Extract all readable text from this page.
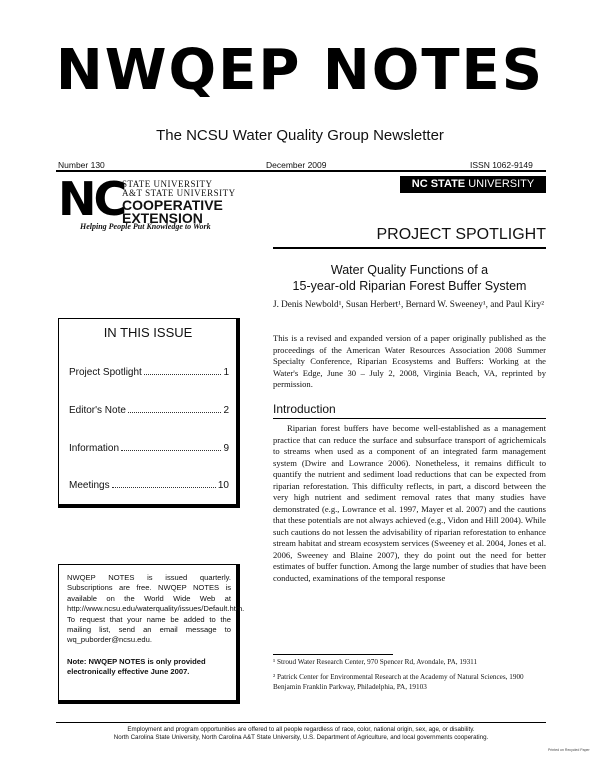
NWQEP NOTES
The NCSU Water Quality Group Newsletter
Number 130	December 2009	ISSN 1062-9149
NC
STATE UNIVERSITY
A&T STATE UNIVERSITY
COOPERATIVE
EXTENSION
Helping People Put Knowledge to Work
NC STATE UNIVERSITY
IN THIS ISSUE
Project Spotlight	1
Editor's Note	2
Information	9
Meetings	10
NWQEP NOTES is issued quarterly. Subscriptions are free. NWQEP NOTES is available on the World Wide Web at http://www.ncsu.edu/waterquality/issues/Default.htm. To request that your name be added to the mailing list, send an email message to wq_puborder@ncsu.edu.
Note: NWQEP NOTES is only provided electronically effective June 2007.
PROJECT SPOTLIGHT
Water Quality Functions of a
15-year-old Riparian Forest Buffer System
J. Denis Newbold¹, Susan Herbert¹, Bernard W. Sweeney¹, and Paul Kiry²
This is a revised and expanded version of a paper originally published as the proceedings of the American Water Resources Association 2008 Summer Specialty Conference, Riparian Ecosystems and Buffers: Working at the Water's Edge, June 30 – July 2, 2008, Virginia Beach, VA, reprinted by permission.
Introduction
Riparian forest buffers have become well-established as a management practice that can reduce the surface and subsurface transport of agrichemicals to streams when used as a component of an integrated farm management system (Dwire and Lowrance 2006). Nonetheless, it remains difficult to quantify the nutrient and sediment load reductions that can be expected from riparian reforestation. This difficulty reflects, in part, a discord between the very high nutrient and sediment removal rates that many studies have demonstrated (e.g., Lowrance et al. 1997, Mayer et al. 2007) and the cautions that these potentials are not always achieved (e.g., Vidon and Hill 2004). While such cautions do not lessen the advisability of riparian reforestation to enhance stream habitat and stream ecosystem services (Sweeney et al. 2004, Jones et al. 2006, Sweeney and Blaine 2007), they do point out the need for better estimates of buffer function. Among the large number of studies that have been conducted, examinations of the temporal response
¹ Stroud Water Research Center, 970 Spencer Rd, Avondale, PA, 19311
² Patrick Center for Environmental Research at the Academy of Natural Sciences, 1900 Benjamin Franklin Parkway, Philadelphia, PA, 19103
Employment and program opportunities are offered to all people regardless of race, color, national origin, sex, age, or disability.
North Carolina State University, North Carolina A&T State University, U.S. Department of Agriculture, and local governments cooperating.
Printed on Recycled Paper
